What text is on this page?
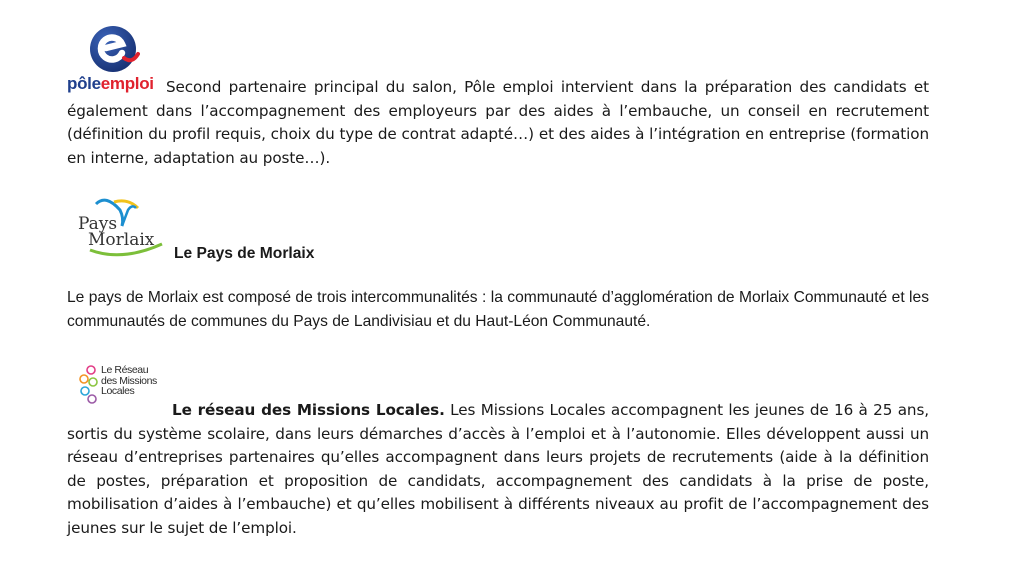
pôleemploi Second partenaire principal du salon, Pôle emploi intervient dans la préparation des candidats et également dans l’accompagnement des employeurs par des aides à l’embauche, un conseil en recrutement (définition du profil requis, choix du type de contrat adapté…) et des aides à l’intégration en entreprise (formation en interne, adaptation au poste…).

Pays
Morlaix
Le Pays de Morlaix

Le pays de Morlaix est composé de trois intercommunalités : la communauté d’agglomération de Morlaix Communauté et les communautés de communes du Pays de Landivisiau et du Haut-Léon Communauté.

Le Réseau
des Missions
Locales

Le réseau des Missions Locales. Les Missions Locales accompagnent les jeunes de 16 à 25 ans, sortis du système scolaire, dans leurs démarches d’accès à l’emploi et à l’autonomie. Elles développent aussi un réseau d’entreprises partenaires qu’elles accompagnent dans leurs projets de recrutements (aide à la définition de postes, préparation et proposition de candidats, accompagnement des candidats à la prise de poste, mobilisation d’aides à l’embauche) et qu’elles mobilisent à différents niveaux au profit de l’accompagnement des jeunes sur le sujet de l’emploi.
